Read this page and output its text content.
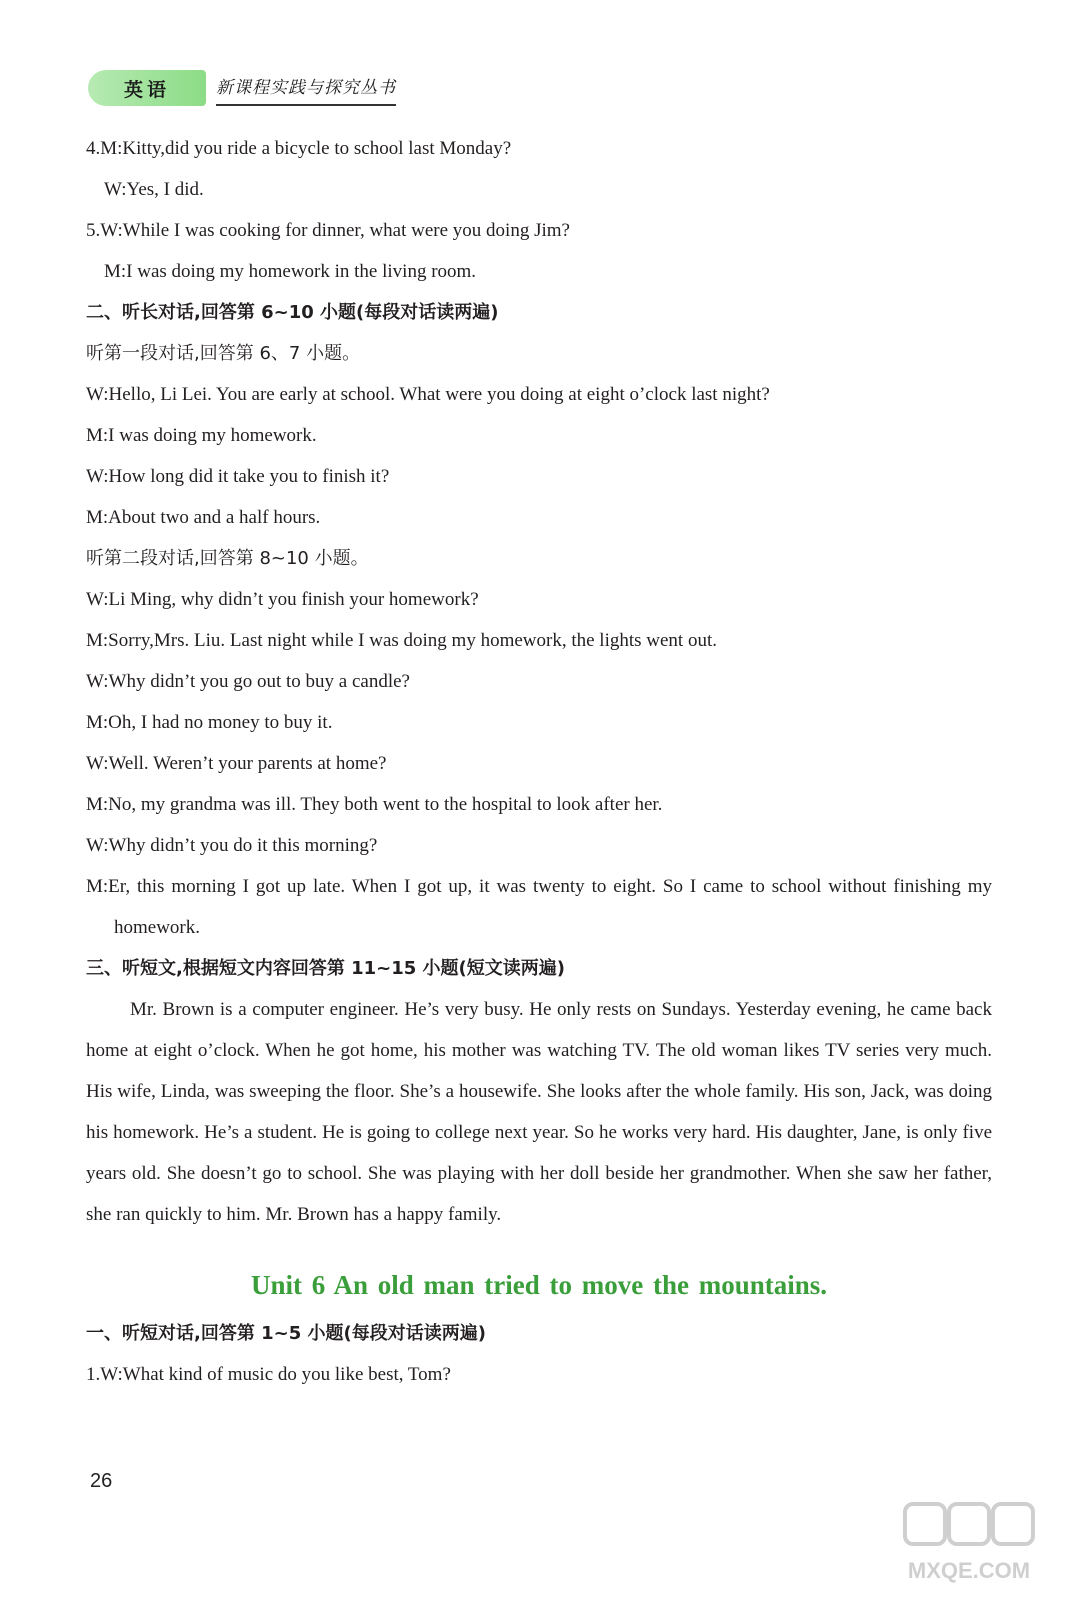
英语	新课程实践与探究丛书
4.M:Kitty,did you ride a bicycle to school last Monday?
W:Yes, I did.
5.W:While I was cooking for dinner, what were you doing Jim?
M:I was doing my homework in the living room.
二、听长对话,回答第 6~10 小题(每段对话读两遍)
听第一段对话,回答第 6、7 小题。
W:Hello, Li Lei. You are early at school. What were you doing at eight o’clock last night?
M:I was doing my homework.
W:How long did it take you to finish it?
M:About two and a half hours.
听第二段对话,回答第 8~10 小题。
W:Li Ming, why didn’t you finish your homework?
M:Sorry,Mrs. Liu. Last night while I was doing my homework, the lights went out.
W:Why didn’t you go out to buy a candle?
M:Oh, I had no money to buy it.
W:Well. Weren’t your parents at home?
M:No, my grandma was ill. They both went to the hospital to look after her.
W:Why didn’t you do it this morning?
M:Er, this morning I got up late. When I got up, it was twenty to eight. So I came to school without finishing my homework.
三、听短文,根据短文内容回答第 11~15 小题(短文读两遍)
Mr. Brown is a computer engineer. He’s very busy. He only rests on Sundays. Yesterday evening, he came back home at eight o’clock. When he got home, his mother was watching TV. The old woman likes TV series very much. His wife, Linda, was sweeping the floor. She’s a housewife. She looks after the whole family. His son, Jack, was doing his homework. He’s a student. He is going to college next year. So he works very hard. His daughter, Jane, is only five years old. She doesn’t go to school. She was playing with her doll beside her grandmother. When she saw her father, she ran quickly to him. Mr. Brown has a happy family.
Unit 6 An old man tried to move the mountains.
一、听短对话,回答第 1~5 小题(每段对话读两遍)
1.W:What kind of music do you like best, Tom?
26
MXQE.COM
